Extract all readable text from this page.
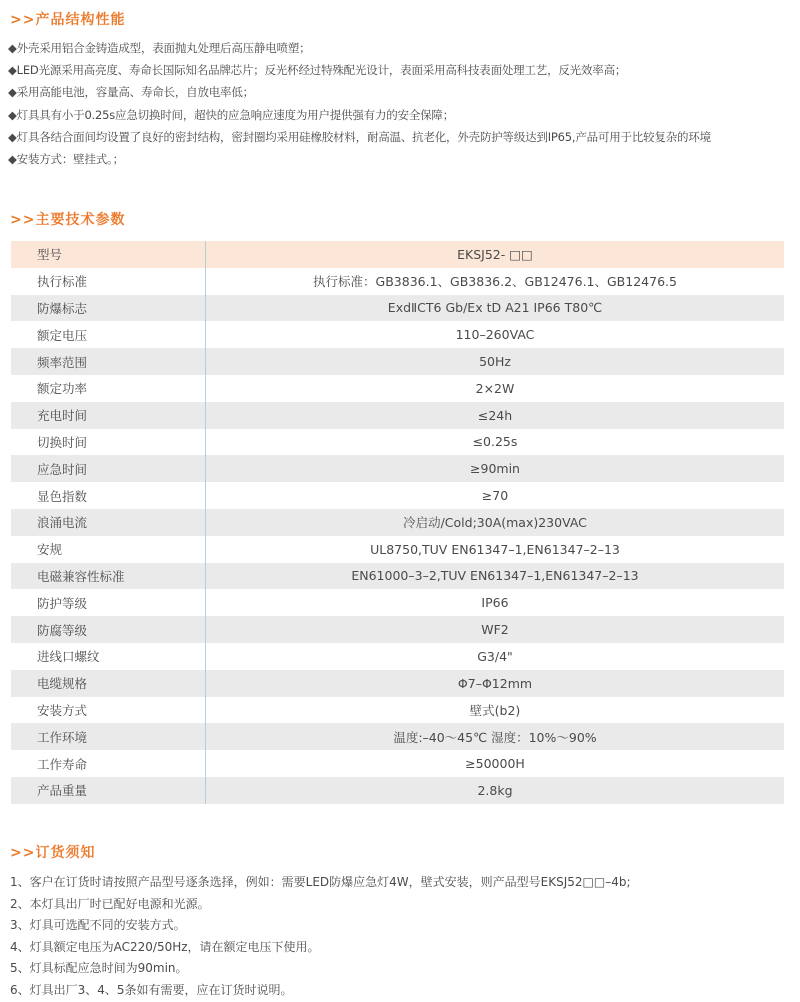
>>产品结构性能
◆外壳采用铝合金铸造成型，表面抛丸处理后高压静电喷塑；
◆LED光源采用高亮度、寿命长国际知名品牌芯片；反光杯经过特殊配光设计，表面采用高科技表面处理工艺，反光效率高；
◆采用高能电池，容量高、寿命长，自放电率低；
◆灯具具有小于0.25s应急切换时间，超快的应急响应速度为用户提供强有力的安全保障；
◆灯具各结合面间均设置了良好的密封结构，密封圈均采用硅橡胶材料，耐高温、抗老化，外壳防护等级达到IP65,产品可用于比较复杂的环境
◆安装方式：壁挂式。；
>>主要技术参数
型号	EKSJ52- □□
执行标准	执行标准：GB3836.1、GB3836.2、GB12476.1、GB12476.5
防爆标志	ExdⅡCT6 Gb/Ex tD A21 IP66 T80℃
额定电压	110–260VAC
频率范围	50Hz
额定功率	2×2W
充电时间	≤24h
切换时间	≤0.25s
应急时间	≥90min
显色指数	≥70
浪涌电流	冷启动/Cold;30A(max)230VAC
安规	UL8750,TUV EN61347–1,EN61347–2–13
电磁兼容性标准	EN61000–3–2,TUV EN61347–1,EN61347–2–13
防护等级	IP66
防腐等级	WF2
进线口螺纹	G3/4"
电缆规格	Φ7–Φ12mm
安装方式	壁式(b2)
工作环境	温度:–40～45℃ 湿度：10%～90%
工作寿命	≥50000H
产品重量	2.8kg
>>订货须知
1、客户在订货时请按照产品型号逐条选择，例如：需要LED防爆应急灯4W，壁式安装，则产品型号EKSJ52□□–4b;
2、本灯具出厂时已配好电源和光源。
3、灯具可选配不同的安装方式。
4、灯具额定电压为AC220/50Hz，请在额定电压下使用。
5、灯具标配应急时间为90min。
6、灯具出厂3、4、5条如有需要，应在订货时说明。
